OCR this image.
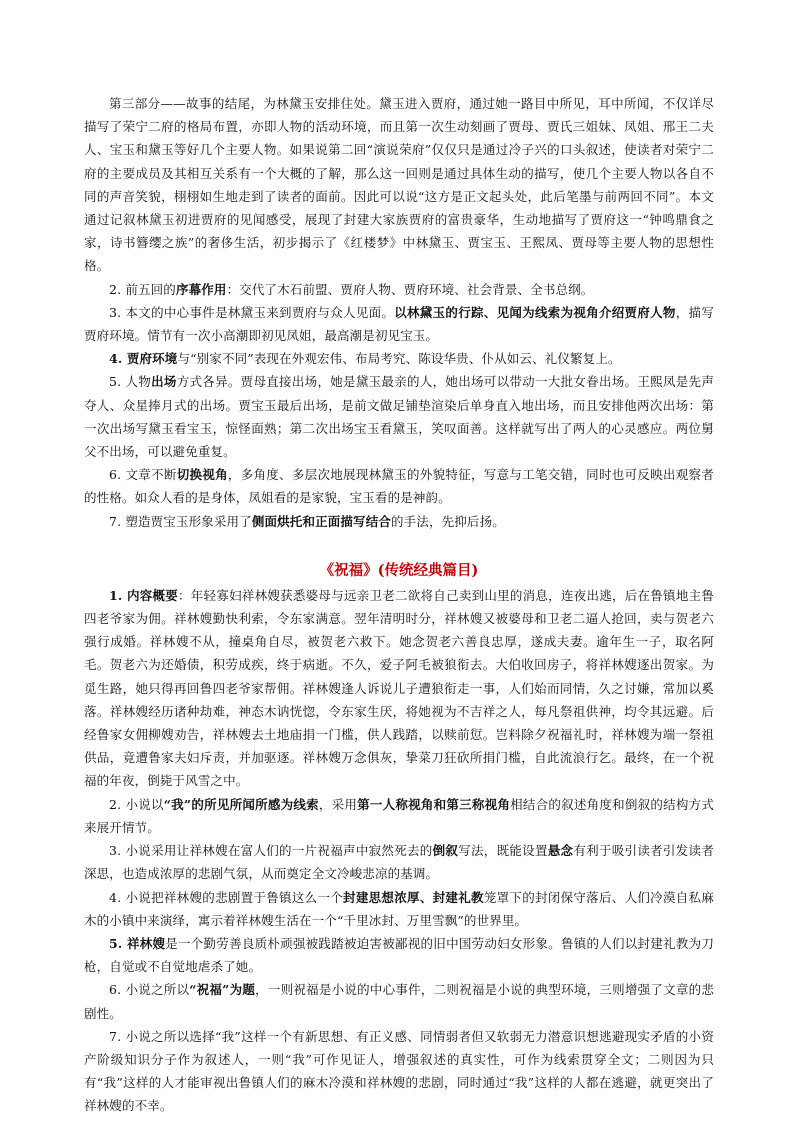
第三部分——故事的结尾，为林黛玉安排住处。黛玉进入贾府，通过她一路目中所见，耳中所闻，不仅详尽描写了荣宁二府的格局布置，亦即人物的活动环境，而且第一次生动刻画了贾母、贾氏三姐妹、凤姐、邢王二夫人、宝玉和黛玉等好几个主要人物。如果说第二回“演说荣府”仅仅只是通过冷子兴的口头叙述，使读者对荣宁二府的主要成员及其相互关系有一个大概的了解，那么这一回则是通过具体生动的描写，使几个主要人物以各自不同的声音笑貌，栩栩如生地走到了读者的面前。因此可以说“这方是正文起头处，此后笔墨与前两回不同”。本文通过记叙林黛玉初进贾府的见闻感受，展现了封建大家族贾府的富贵豪华，生动地描写了贾府这一“钟鸣鼎食之家，诗书簪缨之族”的奢侈生活，初步揭示了《红楼梦》中林黛玉、贾宝玉、王熙凤、贾母等主要人物的思想性格。

2. 前五回的序幕作用：交代了木石前盟、贾府人物、贾府环境、社会背景、全书总纲。

3. 本文的中心事件是林黛玉来到贾府与众人见面。以林黛玉的行踪、见闻为线索为视角介绍贾府人物，描写贾府环境。情节有一次小高潮即初见凤姐，最高潮是初见宝玉。

4. 贾府环境与“别家不同”表现在外观宏伟、布局考究、陈设华贵、仆从如云、礼仪繁复上。

5. 人物出场方式各异。贾母直接出场，她是黛玉最亲的人，她出场可以带动一大批女眷出场。王熙凤是先声夺人、众星捧月式的出场。贾宝玉最后出场，是前文做足铺垫渲染后单身直入地出场，而且安排他两次出场：第一次出场写黛玉看宝玉，惊怪面熟；第二次出场宝玉看黛玉，笑叹面善。这样就写出了两人的心灵感应。两位舅父不出场，可以避免重复。

6. 文章不断切换视角，多角度、多层次地展现林黛玉的外貌特征，写意与工笔交错，同时也可反映出观察者的性格。如众人看的是身体，凤姐看的是家貌，宝玉看的是神韵。

7. 塑造贾宝玉形象采用了侧面烘托和正面描写结合的手法，先抑后扬。

《祝福》(传统经典篇目)

1. 内容概要：年轻寡妇祥林嫂获悉婆母与远亲卫老二欲将自己卖到山里的消息，连夜出逃，后在鲁镇地主鲁四老爷家为佣。祥林嫂勤快利索，令东家满意。翌年清明时分，祥林嫂又被婆母和卫老二逼人抢回，卖与贺老六强行成婚。祥林嫂不从，撞桌角自尽，被贺老六救下。她念贺老六善良忠厚，遂成夫妻。逾年生一子，取名阿毛。贺老六为还婚债，积劳成疾，终于病逝。不久，爱子阿毛被狼衔去。大伯收回房子，将祥林嫂逐出贺家。为觅生路，她只得再回鲁四老爷家帮佣。祥林嫂逢人诉说儿子遭狼衔走一事，人们始而同情，久之讨嫌，常加以奚落。祥林嫂经历诸种劫难，神态木讷恍惚，令东家生厌，将她视为不吉祥之人，每凡祭祖供神，均令其远避。后经鲁家女佣柳嫂劝告，祥林嫂去土地庙捐一门槛，供人践踏，以赎前愆。岂料除夕祝福礼时，祥林嫂为端一祭祖供品，竟遭鲁家夫妇斥责，并加驱逐。祥林嫂万念俱灰，挚菜刀狂砍所捐门槛，自此流浪行乞。最终，在一个祝福的年夜，倒毙于风雪之中。

2. 小说以“我”的所见所闻所感为线索，采用第一人称视角和第三称视角相结合的叙述角度和倒叙的结构方式来展开情节。

3. 小说采用让祥林嫂在富人们的一片祝福声中寂然死去的倒叙写法，既能设置悬念有利于吸引读者引发读者深思，也造成浓厚的悲剧气氛，从而奠定全文冷峻悲凉的基调。

4. 小说把祥林嫂的悲剧置于鲁镇这么一个封建思想浓厚、封建礼教笼罩下的封闭保守落后、人们冷漠自私麻木的小镇中来演绎，寓示着祥林嫂生活在一个“千里冰封、万里雪飘”的世界里。

5. 祥林嫂是一个勤劳善良质朴顽强被践踏被迫害被鄙视的旧中国劳动妇女形象。鲁镇的人们以封建礼教为刀枪，自觉或不自觉地虐杀了她。

6. 小说之所以“祝福”为题，一则祝福是小说的中心事件，二则祝福是小说的典型环境，三则增强了文章的悲剧性。

7. 小说之所以选择“我”这样一个有新思想、有正义感、同情弱者但又软弱无力潜意识想逃避现实矛盾的小资产阶级知识分子作为叙述人，一则“我”可作见证人，增强叙述的真实性，可作为线索贯穿全文；二则因为只有“我”这样的人才能审视出鲁镇人们的麻木冷漠和祥林嫂的悲剧，同时通过“我”这样的人都在逃避，就更突出了祥林嫂的不幸。
